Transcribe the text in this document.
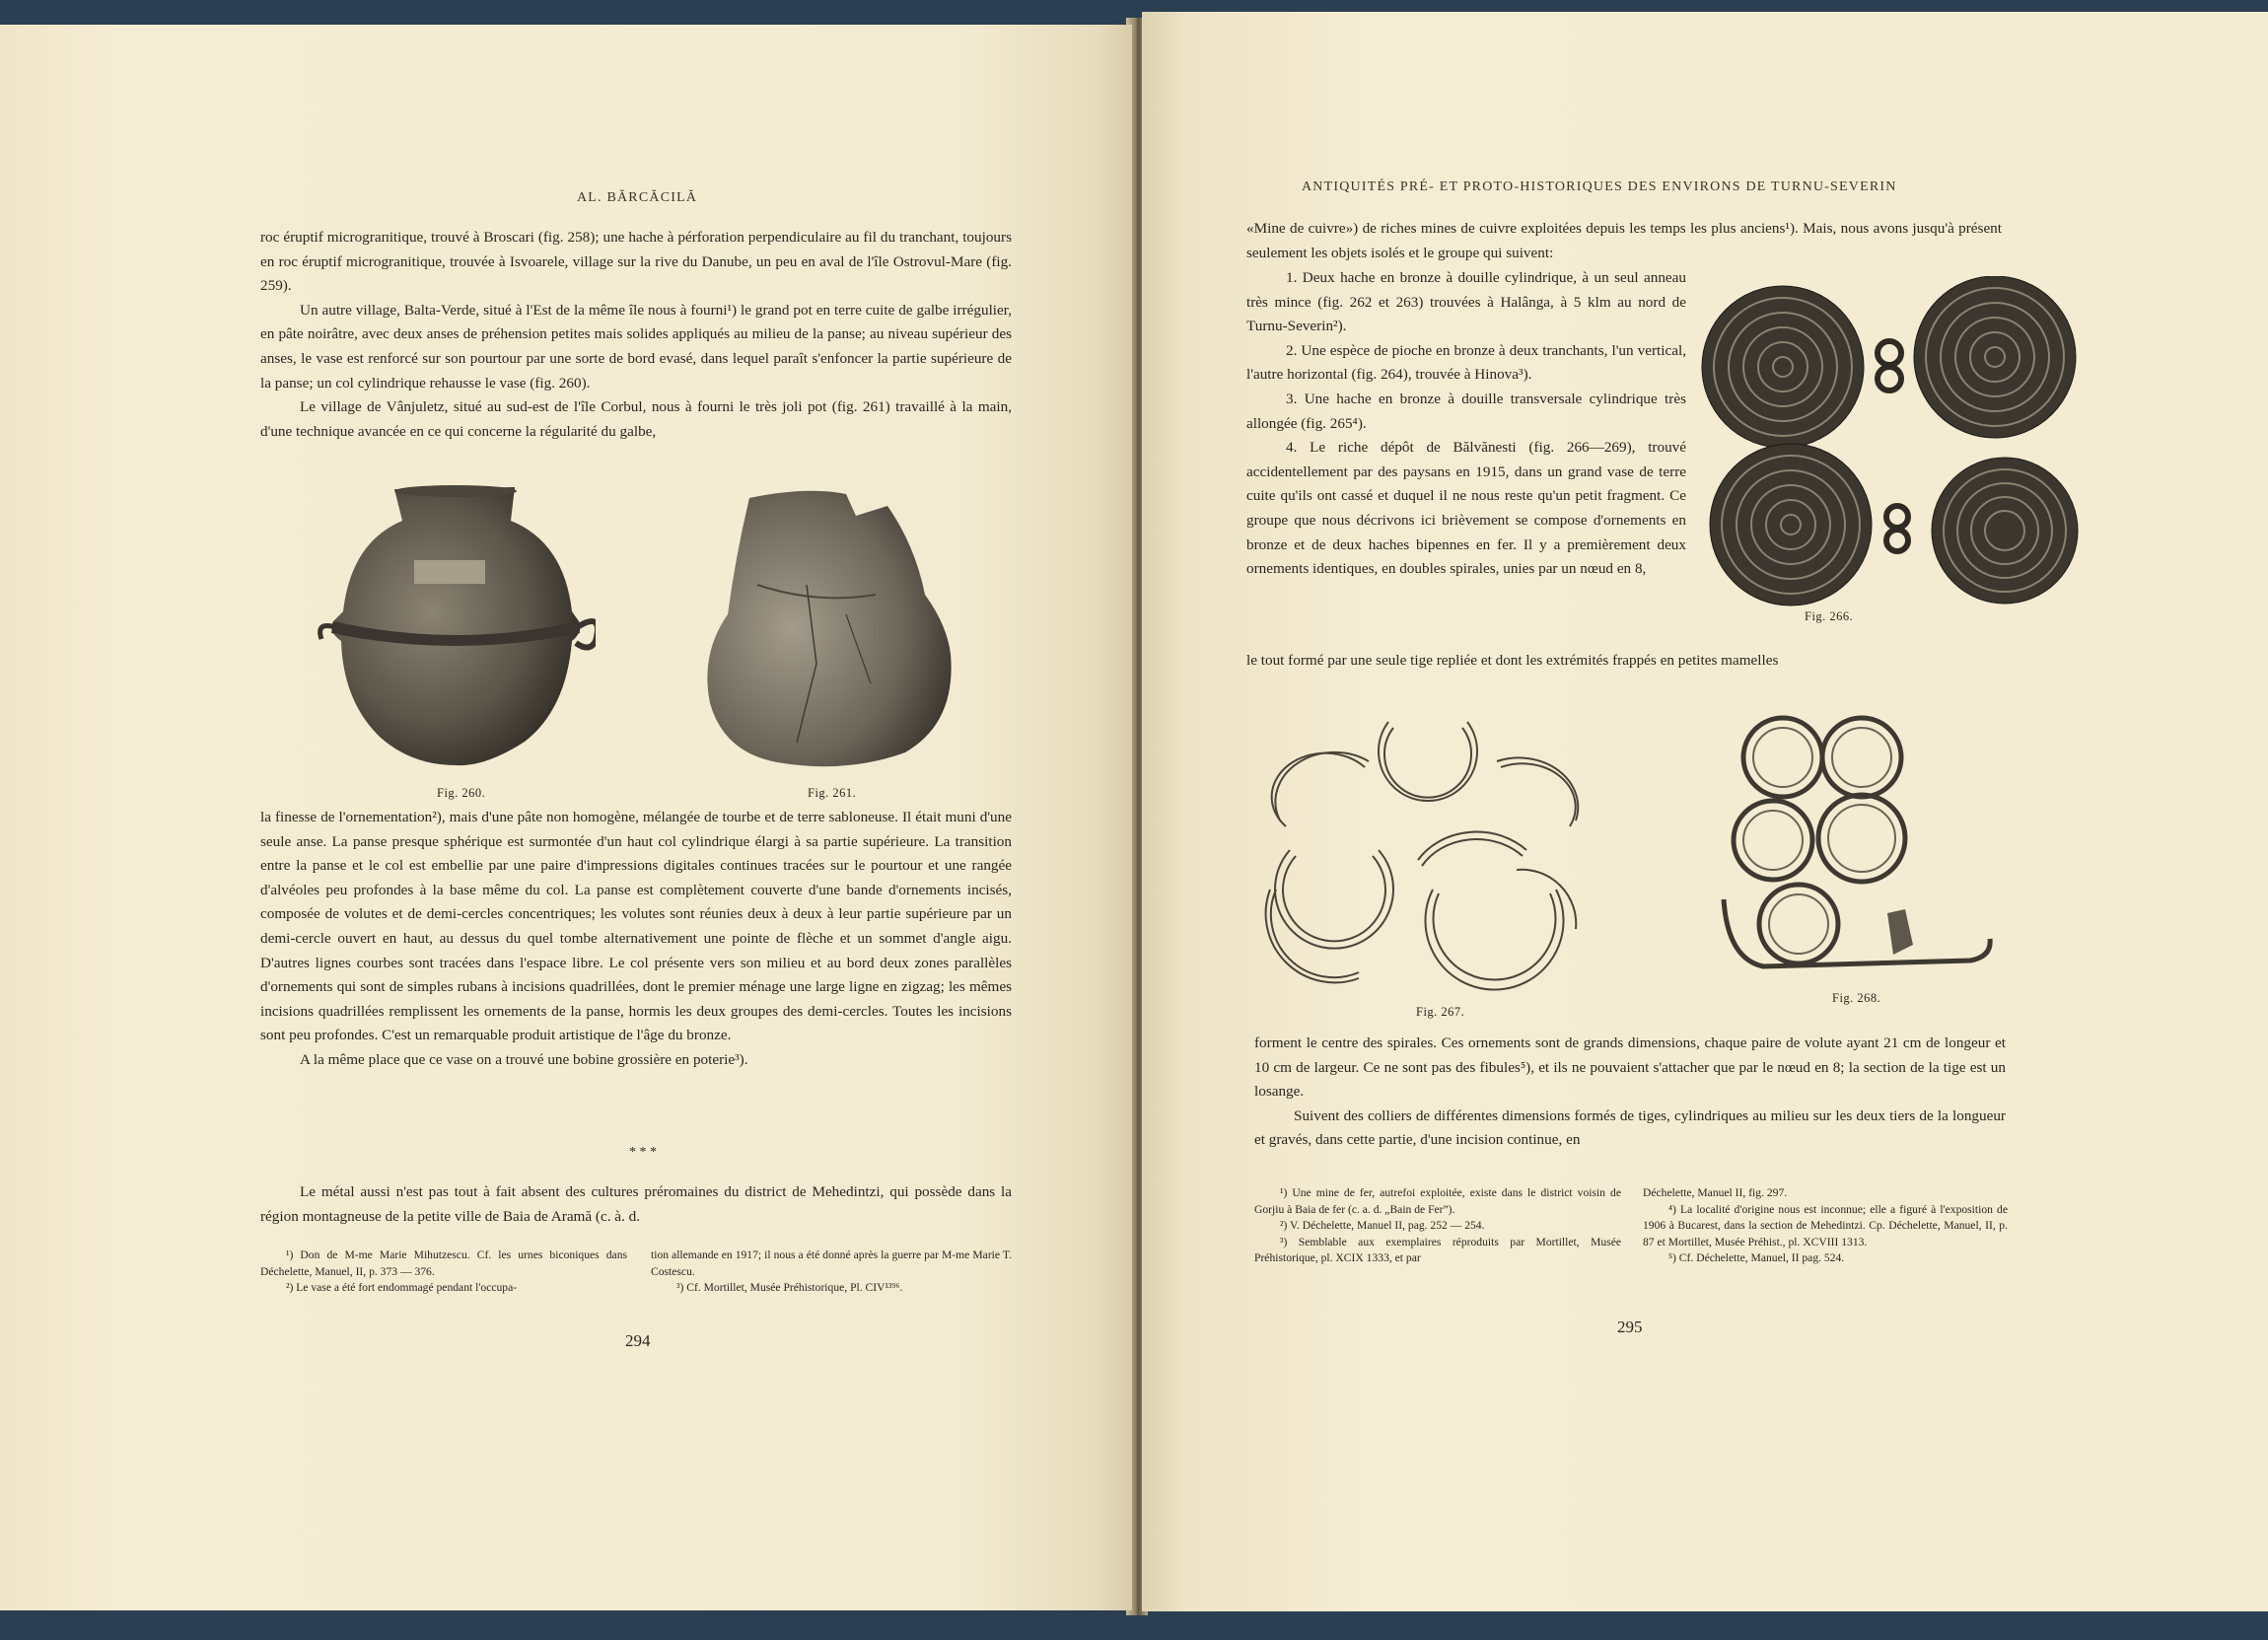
AL. BĂRCĂCILĂ

roc éruptif micrograпitique, trouvé à Broscari (fig. 258); une hache à pérforation perpendiculaire au fil du tranchant, toujours en roc éruptif microgranitique, trouvée à Isvoarele, village sur la rive du Danube, un peu en aval de l'île Ostrovul-Mare (fig. 259).

Un autre village, Balta-Verde, situé à l'Est de la même île nous à fourni¹) le grand pot en terre cuite de galbe irrégulier, en pâte noirâtre, avec deux anses de préhension petites mais solides appliqués au milieu de la panse; au niveau supérieur des anses, le vase est renforcé sur son pourtour par une sorte de bord evasé, dans lequel paraît s'enfoncer la partie supérieure de la panse; un col cylindrique rehausse le vase (fig. 260).

Le village de Vânjuletz, situé au sud-est de l'île Corbul, nous à fourni le très joli pot (fig. 261) travaillé à la main, d'une technique avancée en ce qui concerne la régularité du galbe,

Fig. 260.	Fig. 261.

la finesse de l'ornementation²), mais d'une pâte non homogène, mélangée de tourbe et de terre sabloneuse. Il était muni d'une seule anse. La panse presque sphérique est surmontée d'un haut col cylindrique élargi à sa partie supérieure. La transition entre la panse et le col est embellie par une paire d'impressions digitales continues tracées sur le pourtour et une rangée d'alvéoles peu profondes à la base même du col. La panse est complètement couverte d'une bande d'ornements incisés, composée de volutes et de demi-cercles concentriques; les volutes sont réunies deux à deux à leur partie supérieure par un demi-cercle ouvert en haut, au dessus du quel tombe alternativement une pointe de flèche et un sommet d'angle aigu. D'autres lignes courbes sont tracées dans l'espace libre. Le col présente vers son milieu et au bord deux zones parallèles d'ornements qui sont de simples rubans à incisions quadrillées, dont le premier ménage une large ligne en zigzag; les mêmes incisions quadrillées remplissent les ornements de la panse, hormis les deux groupes des demi-cercles. Toutes les incisions sont peu profondes. C'est un remarquable produit artistique de l'âge du bronze.

A la même place que ce vase on a trouvé une bobine grossière en poterie³).

* * *

Le métal aussi n'est pas tout à fait absent des cultures préromaines du district de Mehedintzi, qui possède dans la région montagneuse de la petite ville de Baia de Aramă (c. à. d.

¹) Don de M-me Marie Mihutzescu. Cf. les urnes biconiques dans Déchelette, Manuel, II, p. 373 — 376.

²) Le vase a été fort endommagé pendant l'occupa-

tion allemande en 1917; il nous a été donné après la guerre par M-me Marie T. Costescu.

³) Cf. Mortillet, Musée Préhistorique, Pl. CIV¹³⁹⁶.

294
ANTIQUITÉS PRÉ- ET PROTO-HISTORIQUES DES ENVIRONS DE TURNU-SEVERIN

«Mine de cuivre») de riches mines de cuivre exploitées depuis les temps les plus anciens¹). Mais, nous avons jusqu'à présent seulement les objets isolés et le groupe qui suivent:

1. Deux hache en bronze à douille cylindrique, à un seul anneau très mince (fig. 262 et 263) trouvées à Halânga, à 5 klm au nord de Turnu-Severin²).

2. Une espèce de pioche en bronze à deux tranchants, l'un vertical, l'autre horizontal (fig. 264), trouvée à Hinova³).

3. Une hache en bronze à douille transversale cylindrique très allongée (fig. 265⁴).

4. Le riche dépôt de Bălvănesti (fig. 266—269), trouvé accidentellement par des paysans en 1915, dans un grand vase de terre cuite qu'ils ont cassé et duquel il ne nous reste qu'un petit fragment. Ce groupe que nous décrivons ici brièvement se compose d'ornements en bronze et de deux haches bipennes en fer. Il y a premièrement deux ornements identiques, en doubles spirales, unies par un nœud en 8,

Fig. 266.

le tout formé par une seule tige repliée et dont les extrémités frappés en petites mamelles

Fig. 267.
Fig. 268.

forment le centre des spirales. Ces ornements sont de grands dimensions, chaque paire de volute ayant 21 cm de longeur et 10 cm de largeur. Ce ne sont pas des fibules⁵), et ils ne pouvaient s'attacher que par le nœud en 8; la section de la tige est un losange.

Suivent des colliers de différentes dimensions formés de tiges, cylindriques au milieu sur les deux tiers de la longueur et gravés, dans cette partie, d'une incision continue, en

¹) Une mine de fer, autrefoi exploitée, existe dans le district voisin de Gorjiu à Baia de fer (c. a. d. „Bain de Fer”).

²) V. Déchelette, Manuel II, pag. 252 — 254.

³) Semblable aux exemplaires réproduits par Mortillet, Musée Préhistorique, pl. XCIX 1333, et par

Déchelette, Manuel II, fig. 297.

⁴) La localité d'origine nous est inconnue; elle a figuré à l'exposition de 1906 à Bucarest, dans la section de Mehedintzi. Cp. Déchelette, Manuel, II, p. 87 et Mortillet, Musée Préhist., pl. XCVIII 1313.

⁵) Cf. Déchelette, Manuel, II pag. 524.

295
